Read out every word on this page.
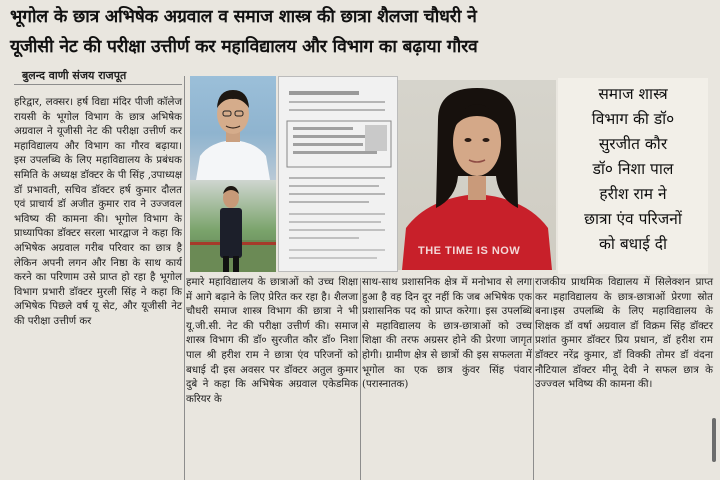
भूगोल के छात्र अभिषेक अग्रवाल व समाज शास्त्र की छात्रा शैलजा चौधरी ने
यूजीसी नेट की परीक्षा उत्तीर्ण कर महाविद्यालय और विभाग का बढ़ाया गौरव
बुलन्द वाणी संजय राजपूत
THE TIME IS NOW
समाज शास्त्र
विभाग की डॉ०
सुरजीत कौर
डॉ० निशा पाल
हरीश राम ने
छात्रा एंव परिजनों
को बधाई दी

हरिद्वार, लक्सर। हर्ष विद्या मंदिर पीजी कॉलेज रायसी के भूगोल विभाग के छात्र अभिषेक अग्रवाल ने यूजीसी नेट की परीक्षा उत्तीर्ण कर महाविद्यालय और विभाग का गौरव बढ़ाया। इस उपलब्धि के लिए महाविद्यालय के प्रबंधक समिति के अध्यक्ष डॉक्टर के पी सिंह ,उपाध्यक्ष डॉ प्रभावती, सचिव डॉक्टर हर्ष कुमार दौलत एवं प्राचार्य डॉ अजीत कुमार राव ने उज्जवल भविष्य की कामना की। भूगोल विभाग के प्राध्यापिका डॉक्टर सरला भारद्वाज ने कहा कि अभिषेक अग्रवाल गरीब परिवार का छात्र है लेकिन अपनी लगन और निष्ठा के साथ कार्य करने का परिणाम उसे प्राप्त हो रहा है भूगोल विभाग प्रभारी डॉक्टर मुरली सिंह ने कहा कि अभिषेक पिछले वर्ष यू सेट, और यूजीसी नेट की परीक्षा उत्तीर्ण कर

हमारे महाविद्यालय के छात्राओं को उच्च शिक्षा में आगे बढ़ाने के लिए प्रेरित कर रहा है। शैलजा चौधरी समाज शास्त्र विभाग की छात्रा ने भी यू.जी.सी. नेट की परीक्षा उत्तीर्ण की। समाज शास्त्र विभाग की डॉ० सुरजीत कौर डॉ० निशा पाल श्री हरीश राम ने छात्रा एंव परिजनों को बधाई दी इस अवसर पर डॉक्टर अतुल कुमार दुबे ने कहा कि अभिषेक अग्रवाल एकेडमिक करियर के

साथ-साथ प्रशासनिक क्षेत्र में मनोभाव से लगा हुआ है वह दिन दूर नहीं कि जब अभिषेक एक प्रशासनिक पद को प्राप्त करेगा। इस उपलब्धि से महाविद्यालय के छात्र-छात्राओं को उच्च शिक्षा की तरफ अग्रसर होने की प्रेरणा जागृत होगी। ग्रामीण क्षेत्र से छात्रों की इस सफलता में भूगोल का एक छात्र कुंवर सिंह पंवार (परास्नातक)

राजकीय प्राथमिक विद्यालय में सिलेक्शन प्राप्त कर महाविद्यालय के छात्र-छात्राओं प्रेरणा स्रोत बना।इस उपलब्धि के लिए महाविद्यालय के शिक्षक डॉ वर्षा अग्रवाल डॉ विक्रम सिंह डॉक्टर प्रशांत कुमार डॉक्टर प्रिय प्रधान, डॉ हरीश राम डॉक्टर नरेंद्र कुमार, डॉ विक्की तोमर डॉ वंदना नौटियाल डॉक्टर मीनू देवी ने सफल छात्र के उज्ज्वल भविष्य की कामना की।
